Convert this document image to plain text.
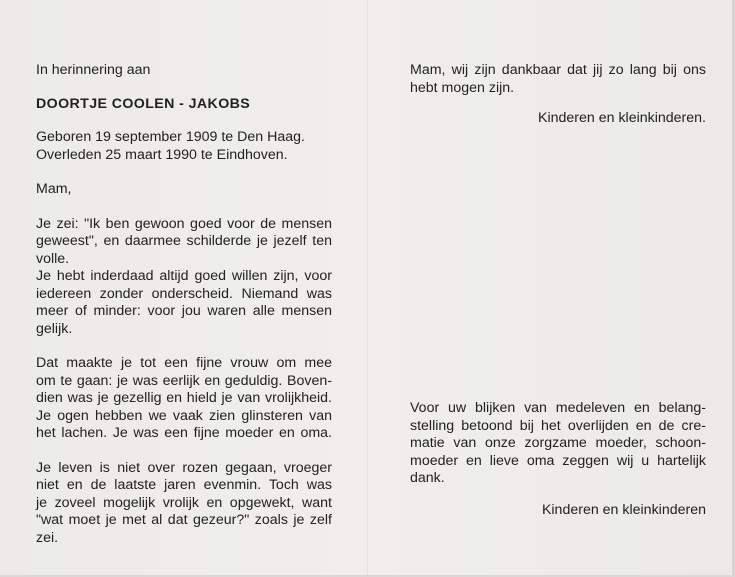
In herinnering aan

DOORTJE COOLEN - JAKOBS

Geboren 19 september 1909 te Den Haag.

Overleden 25 maart 1990 te Eindhoven.

Mam,

Je zei: "Ik ben gewoon goed voor de mensen
geweest", en daarmee schilderde je jezelf ten
volle.
Je hebt inderdaad altijd goed willen zijn, voor
iedereen zonder onderscheid. Niemand was
meer of minder: voor jou waren alle mensen
gelijk.
Dat maakte je tot een fijne vrouw om mee
om te gaan: je was eerlijk en geduldig. Boven-
dien was je gezellig en hield je van vrolijkheid.
Je ogen hebben we vaak zien glinsteren van
het lachen. Je was een fijne moeder en oma.
Je leven is niet over rozen gegaan, vroeger
niet en de laatste jaren evenmin. Toch was
je zoveel mogelijk vrolijk en opgewekt, want
"wat moet je met al dat gezeur?" zoals je zelf
zei.
Mam, wij zijn dankbaar dat jij zo lang bij ons
hebt mogen zijn.

Kinderen en kleinkinderen.

Voor uw blijken van medeleven en belang-
stelling betoond bij het overlijden en de cre-
matie van onze zorgzame moeder, schoon-
moeder en lieve oma zeggen wij u hartelijk
dank.

Kinderen en kleinkinderen
